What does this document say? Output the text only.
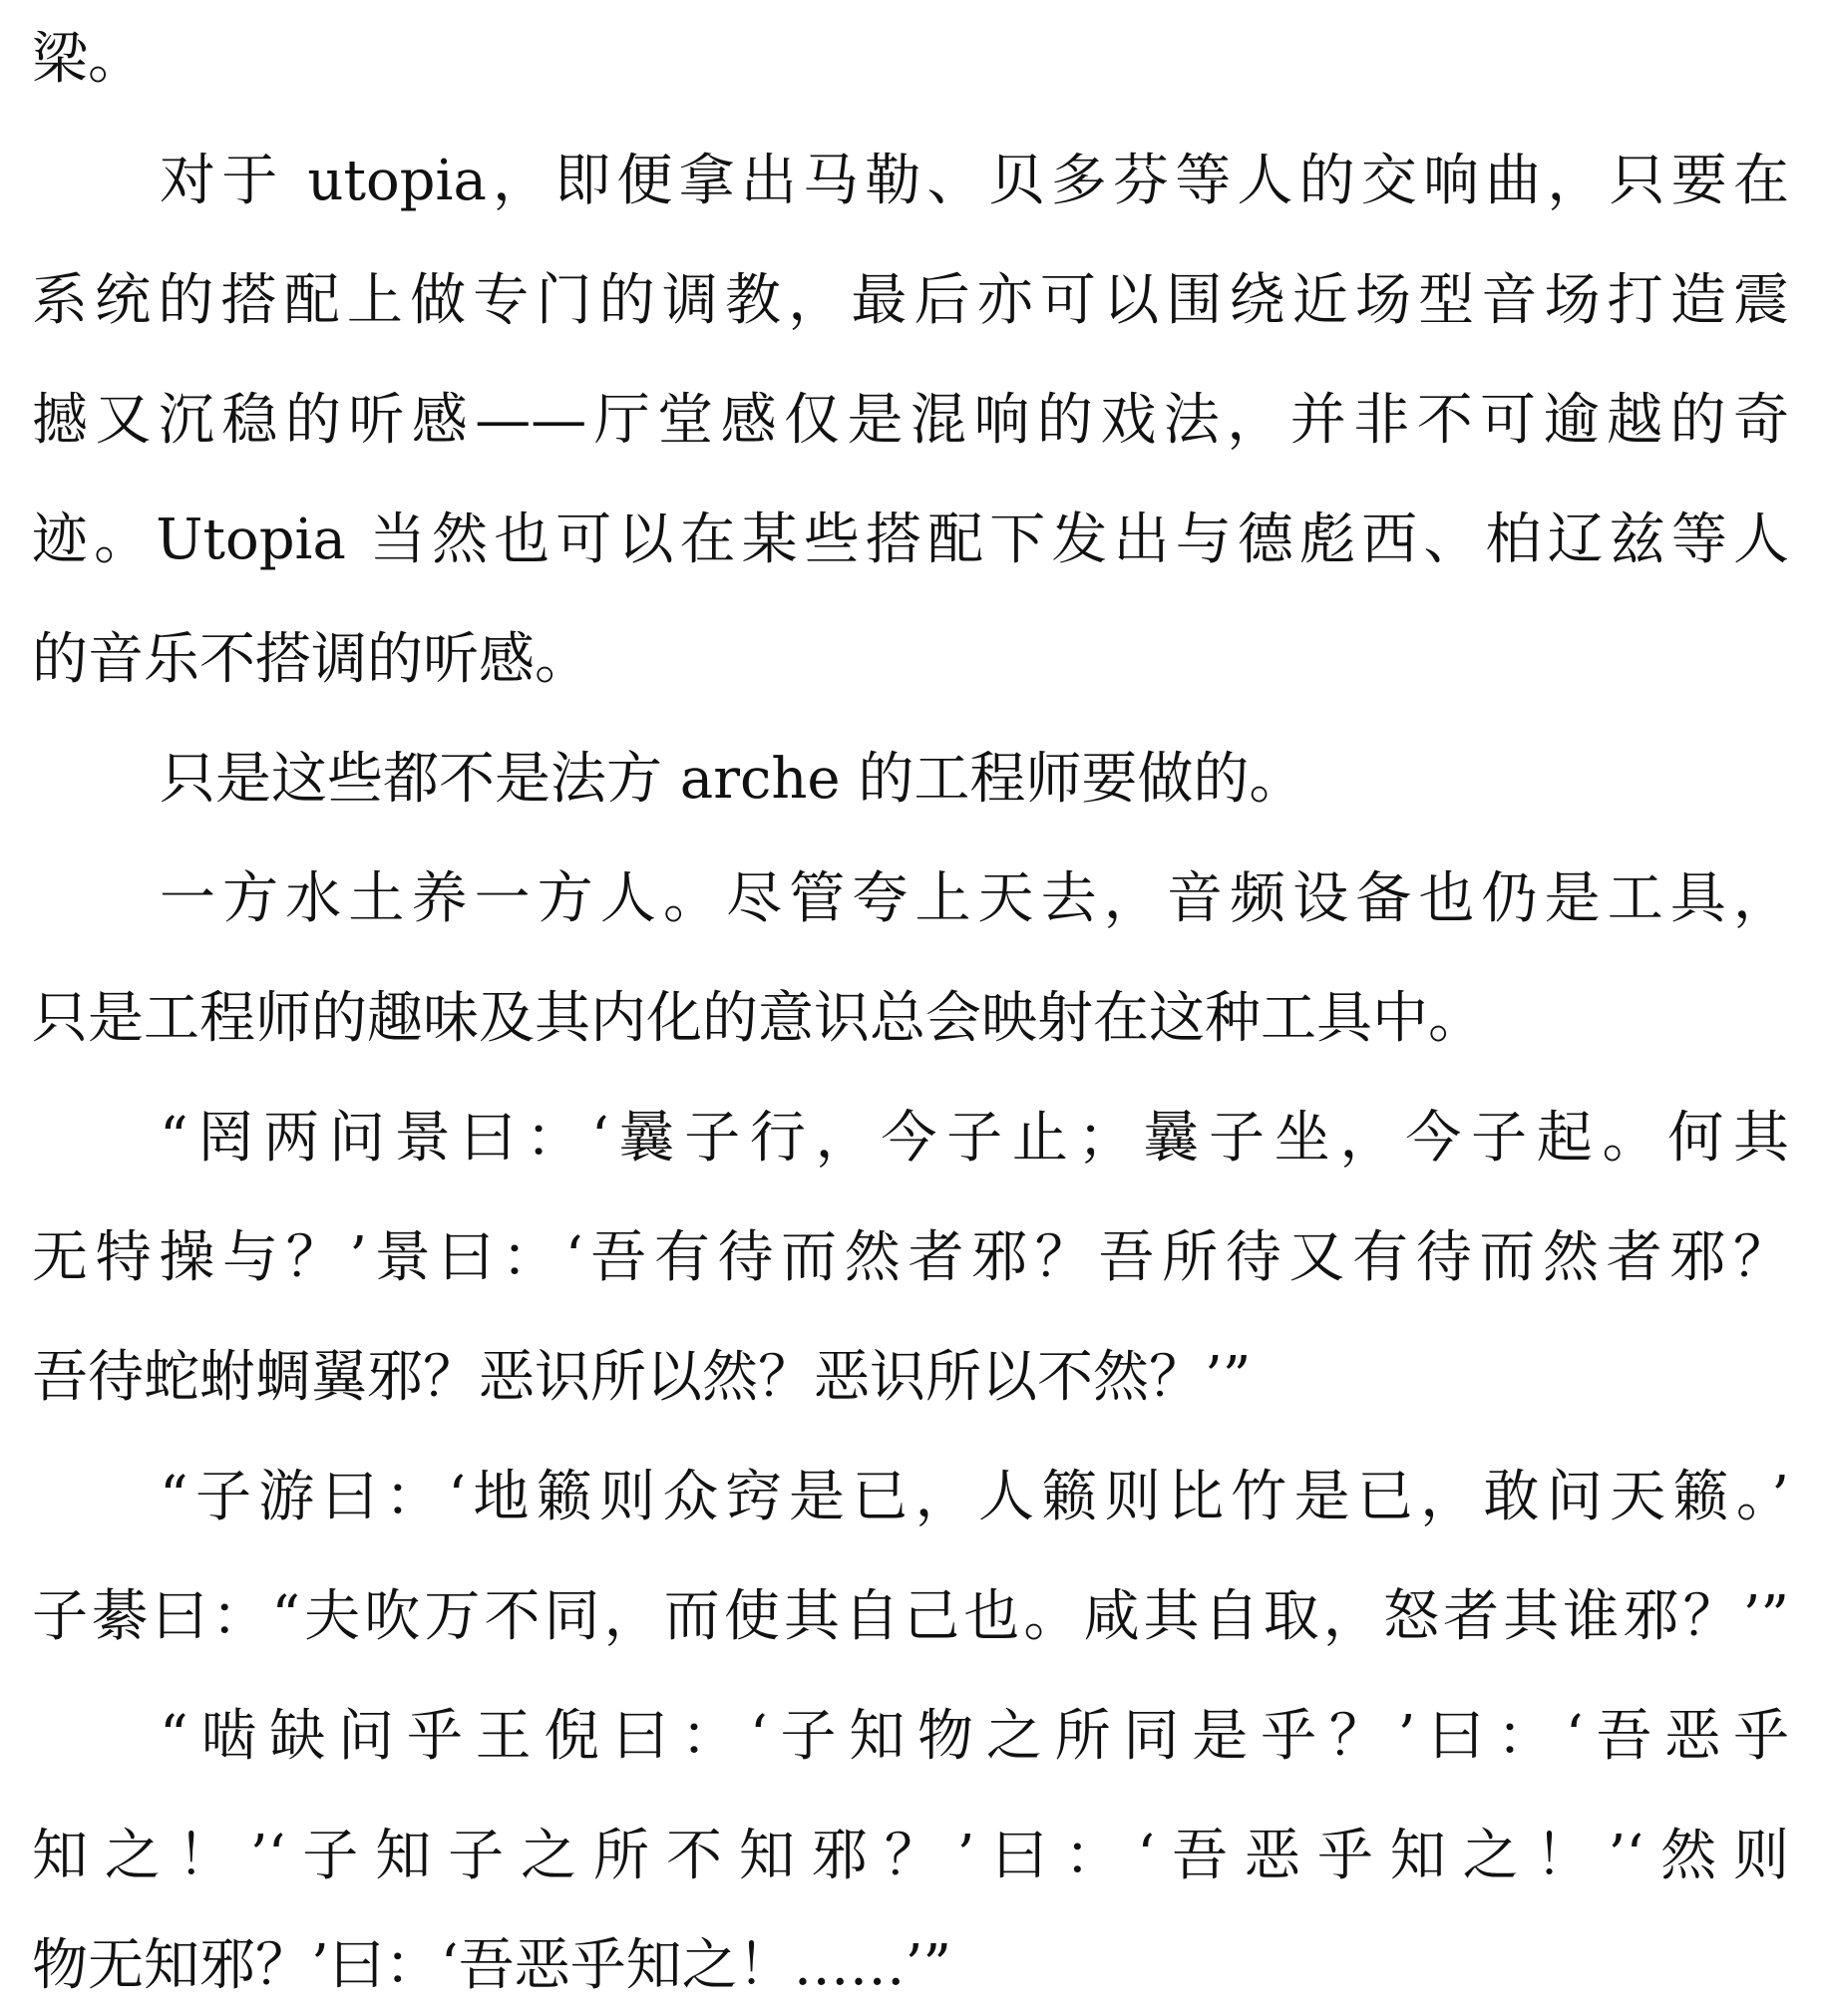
梁。
对于 utopia，即便拿出马勒、贝多芬等人的交响曲，只要在
系统的搭配上做专门的调教，最后亦可以围绕近场型音场打造震
撼又沉稳的听感——厅堂感仅是混响的戏法，并非不可逾越的奇
迹。Utopia 当然也可以在某些搭配下发出与德彪西、柏辽兹等人
的音乐不搭调的听感。
只是这些都不是法方 arche 的工程师要做的。
一方水土养一方人。尽管夸上天去，音频设备也仍是工具，
只是工程师的趣味及其内化的意识总会映射在这种工具中。
“罔两问景曰：‘曩子行，今子止；曩子坐，今子起。何其
无特操与？’景曰：‘吾有待而然者邪？吾所待又有待而然者邪？
吾待蛇蚹蜩翼邪？恶识所以然？恶识所以不然？’”
“子游曰：‘地籁则众窍是已，人籁则比竹是已，敢问天籁。’
子綦曰：“夫吹万不同，而使其自己也。咸其自取，怒者其谁邪？’”
“啮缺问乎王倪曰：‘子知物之所同是乎？’曰：‘吾恶乎
知之！’‘子知子之所不知邪？’曰：‘吾恶乎知之！’‘然则
物无知邪？’曰：‘吾恶乎知之！……’”
